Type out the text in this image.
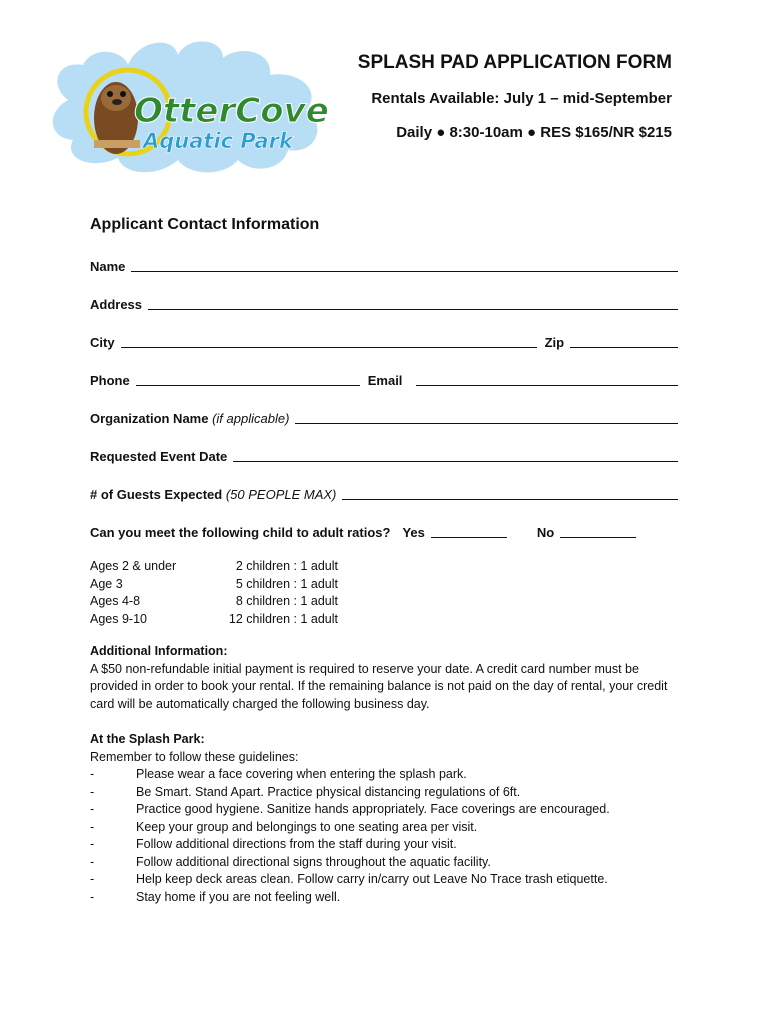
OtterCove
Aquatic Park
SPLASH PAD APPLICATION FORM
Rentals Available: July 1 – mid-September
Daily ● 8:30-10am ● RES $165/NR $215
Applicant Contact Information
Name
Address
City	Zip
Phone	Email
Organization Name (if applicable)
Requested Event Date
# of Guests Expected (50 PEOPLE MAX)
Can you meet the following child to adult ratios? Yes	No
Ages 2 & under	2 children : 1 adult
Age 3	5 children : 1 adult
Ages 4-8	8 children : 1 adult
Ages 9-10	12 children : 1 adult
Additional Information:
A $50 non-refundable initial payment is required to reserve your date. A credit card number must be provided in order to book your rental. If the remaining balance is not paid on the day of rental, your credit card will be automatically charged the following business day.
At the Splash Park:
Remember to follow these guidelines:
-	Please wear a face covering when entering the splash park.
-	Be Smart. Stand Apart. Practice physical distancing regulations of 6ft.
-	Practice good hygiene. Sanitize hands appropriately. Face coverings are encouraged.
-	Keep your group and belongings to one seating area per visit.
-	Follow additional directions from the staff during your visit.
-	Follow additional directional signs throughout the aquatic facility.
-	Help keep deck areas clean. Follow carry in/carry out Leave No Trace trash etiquette.
-	Stay home if you are not feeling well.
